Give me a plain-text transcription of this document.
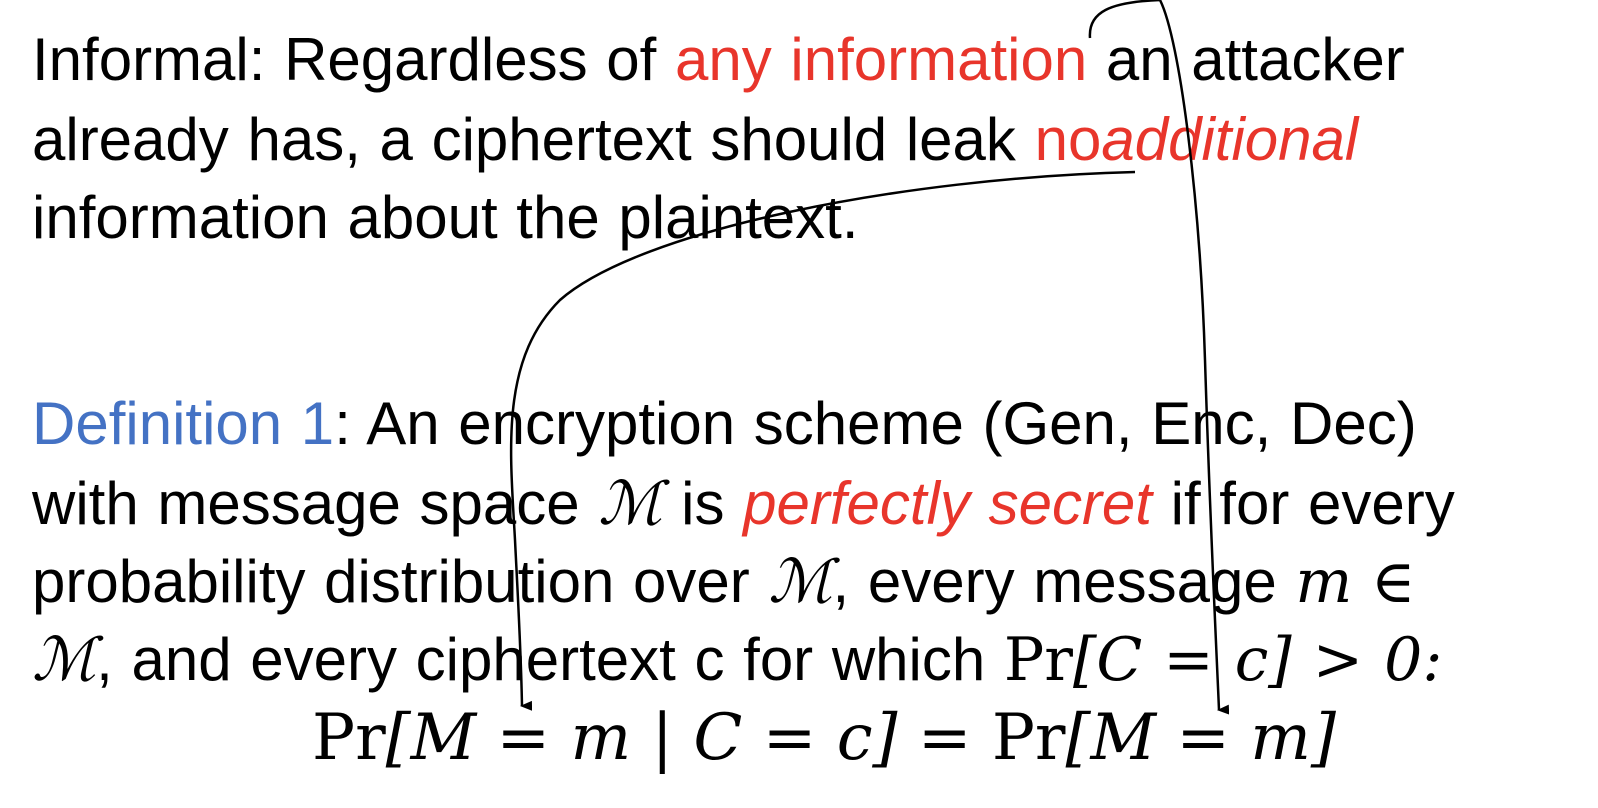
Informal: Regardless of any information an attacker
already has, a ciphertext should leak noadditional
information about the plaintext.
Definition 1: An encryption scheme (Gen, Enc, Dec)
with message space ℳ is perfectly secret if for every
probability distribution over ℳ, every message m ∈
ℳ, and every ciphertext c for which Pr[C = c] > 0:
Pr[M = m | C = c] = Pr[M = m]
